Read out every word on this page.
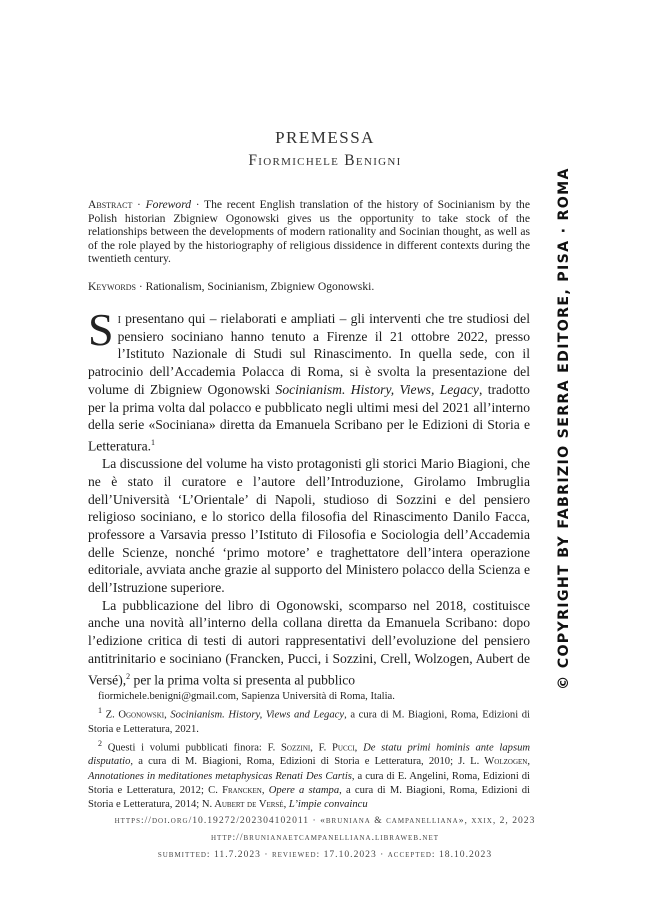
PREMESSA
Fiormichele Benigni
Abstract · Foreword · The recent English translation of the history of Socinianism by the Polish historian Zbigniew Ogonowski gives us the opportunity to take stock of the relationships between the developments of modern rationality and Socinian thought, as well as of the role played by the historiography of religious dissidence in different contexts during the twentieth century.
Keywords · Rationalism, Socinianism, Zbigniew Ogonowski.

Si presentano qui – rielaborati e ampliati – gli interventi che tre studiosi del pensiero sociniano hanno tenuto a Firenze il 21 ottobre 2022, presso l’Istituto Nazionale di Studi sul Rinascimento. In quella sede, con il patrocinio dell’Accademia Polacca di Roma, si è svolta la presentazione del volume di Zbigniew Ogonowski Socinianism. History, Views, Legacy, tradotto per la prima volta dal polacco e pubblicato negli ultimi mesi del 2021 all’interno della serie «Sociniana» diretta da Emanuela Scribano per le Edizioni di Storia e Letteratura.$^1$

La discussione del volume ha visto protagonisti gli storici Mario Biagioni, che ne è stato il curatore e l’autore dell’Introduzione, Girolamo Imbruglia dell’Università ‘L’Orientale’ di Napoli, studioso di Sozzini e del pensiero religioso sociniano, e lo storico della filosofia del Rinascimento Danilo Facca, professore a Varsavia presso l’Istituto di Filosofia e Sociologia dell’Accademia delle Scienze, nonché ‘primo motore’ e traghettatore dell’intera operazione editoriale, avviata anche grazie al supporto del Ministero polacco della Scienza e dell’Istruzione superiore.

La pubblicazione del libro di Ogonowski, scomparso nel 2018, costituisce anche una novità all’interno della collana diretta da Emanuela Scribano: dopo l’edizione critica di testi di autori rappresentativi dell’evoluzione del pensiero antitrinitario e sociniano (Francken, Pucci, i Sozzini, Crell, Wolzogen, Aubert de Versé),$^2$ per la prima volta si presenta al pubblico

fiormichele.benigni@gmail.com, Sapienza Università di Roma, Italia.

$^1$ Z. Ogonowski, Socinianism. History, Views and Legacy, a cura di M. Biagioni, Roma, Edizioni di Storia e Letteratura, 2021.

$^2$ Questi i volumi pubblicati finora: F. Sozzini, F. Pucci, De statu primi hominis ante lapsum disputatio, a cura di M. Biagioni, Roma, Edizioni di Storia e Letteratura, 2010; J. L. Wolzogen, Annotationes in meditationes metaphysicas Renati Des Cartis, a cura di E. Angelini, Roma, Edizioni di Storia e Letteratura, 2012; C. Francken, Opere a stampa, a cura di M. Biagioni, Roma, Edizioni di Storia e Letteratura, 2014; N. Aubert de Versé, L’impie convaincu

https://doi.org/10.19272/202304102011 · «bruniana & campanelliana», xxix, 2, 2023
http://brunianaetcampanelliana.libraweb.net
submitted: 11.7.2023 · reviewed: 17.10.2023 · accepted: 18.10.2023
© COPYRIGHT BY FABRIZIO SERRA EDITORE, PISA · ROMA
